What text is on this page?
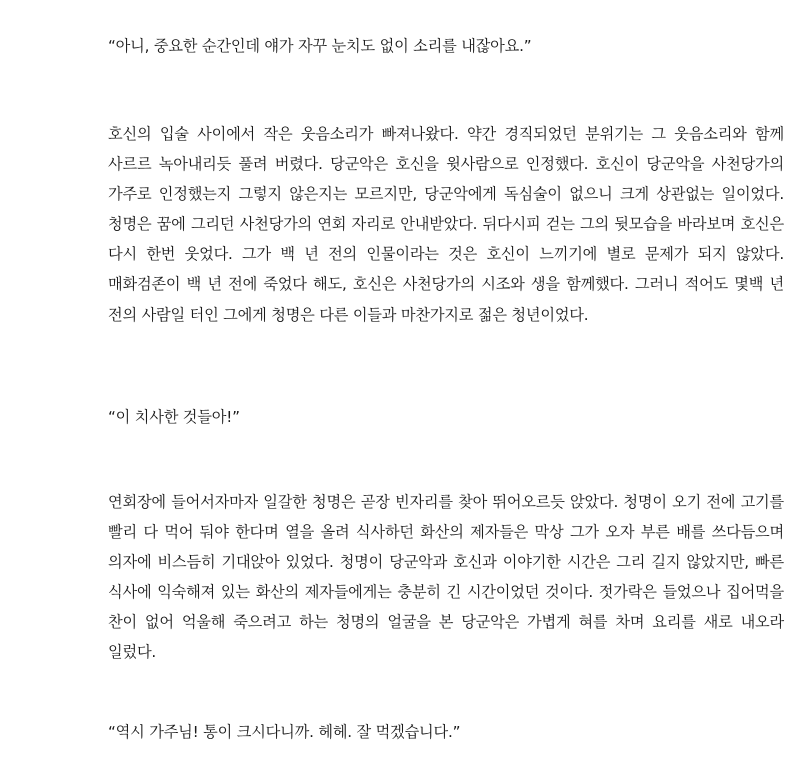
“아니, 중요한 순간인데 얘가 자꾸 눈치도 없이 소리를 내잖아요.”

호신의 입술 사이에서 작은 웃음소리가 빠져나왔다. 약간 경직되었던 분위기는 그 웃음소리와 함께 사르르 녹아내리듯 풀려 버렸다. 당군악은 호신을 윗사람으로 인정했다. 호신이 당군악을 사천당가의 가주로 인정했는지 그렇지 않은지는 모르지만, 당군악에게 독심술이 없으니 크게 상관없는 일이었다. 청명은 꿈에 그리던 사천당가의 연회 자리로 안내받았다. 뒤다시피 걷는 그의 뒷모습을 바라보며 호신은 다시 한번 웃었다. 그가 백 년 전의 인물이라는 것은 호신이 느끼기에 별로 문제가 되지 않았다. 매화검존이 백 년 전에 죽었다 해도, 호신은 사천당가의 시조와 생을 함께했다. 그러니 적어도 몇백 년 전의 사람일 터인 그에게 청명은 다른 이들과 마찬가지로 젊은 청년이었다.

“이 치사한 것들아!”

연회장에 들어서자마자 일갈한 청명은 곧장 빈자리를 찾아 뛰어오르듯 앉았다. 청명이 오기 전에 고기를 빨리 다 먹어 둬야 한다며 열을 올려 식사하던 화산의 제자들은 막상 그가 오자 부른 배를 쓰다듬으며 의자에 비스듬히 기대앉아 있었다. 청명이 당군악과 호신과 이야기한 시간은 그리 길지 않았지만, 빠른 식사에 익숙해져 있는 화산의 제자들에게는 충분히 긴 시간이었던 것이다. 젓가락은 들었으나 집어먹을 찬이 없어 억울해 죽으려고 하는 청명의 얼굴을 본 당군악은 가볍게 혀를 차며 요리를 새로 내오라 일렀다.

“역시 가주님! 통이 크시다니까. 헤헤. 잘 먹겠습니다.”
